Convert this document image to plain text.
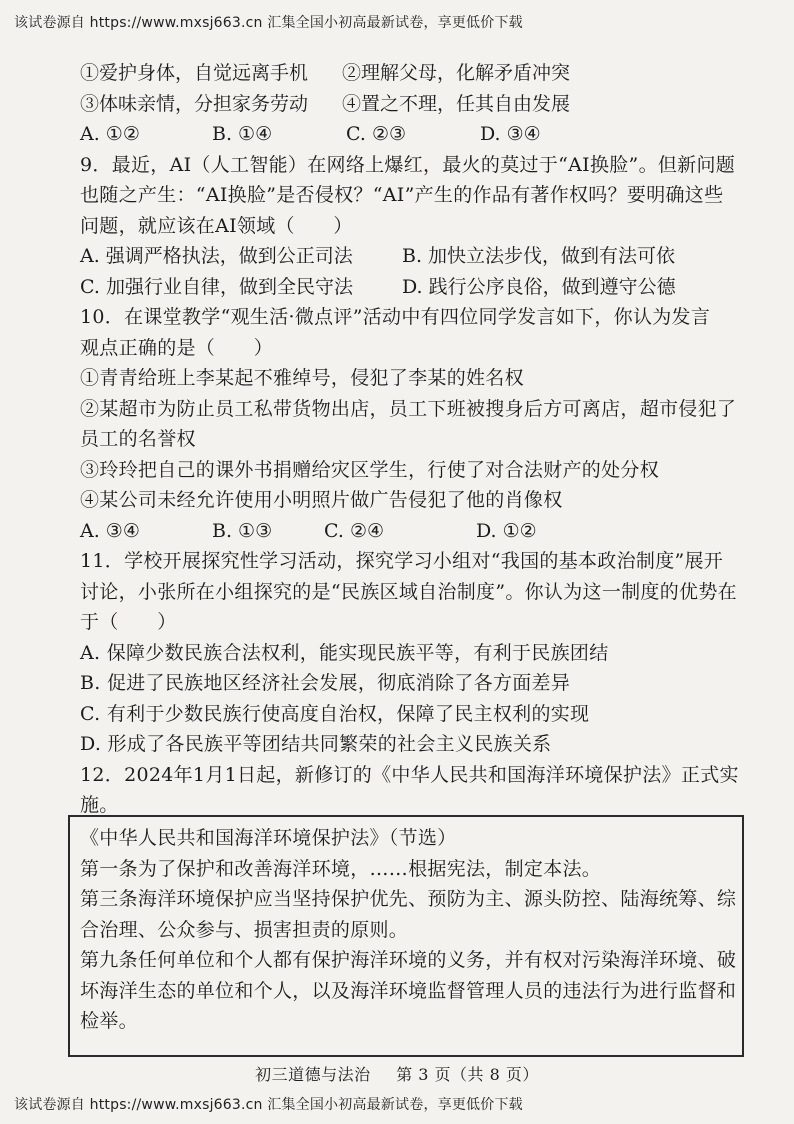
该试卷源自 https://www.mxsj663.cn 汇集全国小初高最新试卷，享更低价下载
①爱护身体，自觉远离手机	②理解父母，化解矛盾冲突
③体味亲情，分担家务劳动	④置之不理，任其自由发展
A. ①②	B. ①④	C. ②③	D. ③④
9．最近，AI（人工智能）在网络上爆红，最火的莫过于“AI换脸”。但新问题
也随之产生：“AI换脸”是否侵权？“AI”产生的作品有著作权吗？要明确这些
问题，就应该在AI领域（　　）
A. 强调严格执法，做到公正司法	B. 加快立法步伐，做到有法可依
C. 加强行业自律，做到全民守法	D. 践行公序良俗，做到遵守公德
10．在课堂教学“观生活·微点评”活动中有四位同学发言如下，你认为发言
观点正确的是（　　）
①青青给班上李某起不雅绰号，侵犯了李某的姓名权
②某超市为防止员工私带货物出店，员工下班被搜身后方可离店，超市侵犯了
员工的名誉权
③玲玲把自己的课外书捐赠给灾区学生，行使了对合法财产的处分权
④某公司未经允许使用小明照片做广告侵犯了他的肖像权
A. ③④	B. ①③	C. ②④	D. ①②
11．学校开展探究性学习活动，探究学习小组对“我国的基本政治制度”展开
讨论，小张所在小组探究的是“民族区域自治制度”。你认为这一制度的优势在
于（　　）
A. 保障少数民族合法权利，能实现民族平等，有利于民族团结
B. 促进了民族地区经济社会发展，彻底消除了各方面差异
C. 有利于少数民族行使高度自治权，保障了民主权利的实现
D. 形成了各民族平等团结共同繁荣的社会主义民族关系
12．2024年1月1日起，新修订的《中华人民共和国海洋环境保护法》正式实
施。
《中华人民共和国海洋环境保护法》（节选）
第一条为了保护和改善海洋环境，……根据宪法，制定本法。
第三条海洋环境保护应当坚持保护优先、预防为主、源头防控、陆海统筹、综
合治理、公众参与、损害担责的原则。
第九条任何单位和个人都有保护海洋环境的义务，并有权对污染海洋环境、破
坏海洋生态的单位和个人，以及海洋环境监督管理人员的违法行为进行监督和
检举。
初三道德与法治 第 3 页（共 8 页）
该试卷源自 https://www.mxsj663.cn 汇集全国小初高最新试卷，享更低价下载
